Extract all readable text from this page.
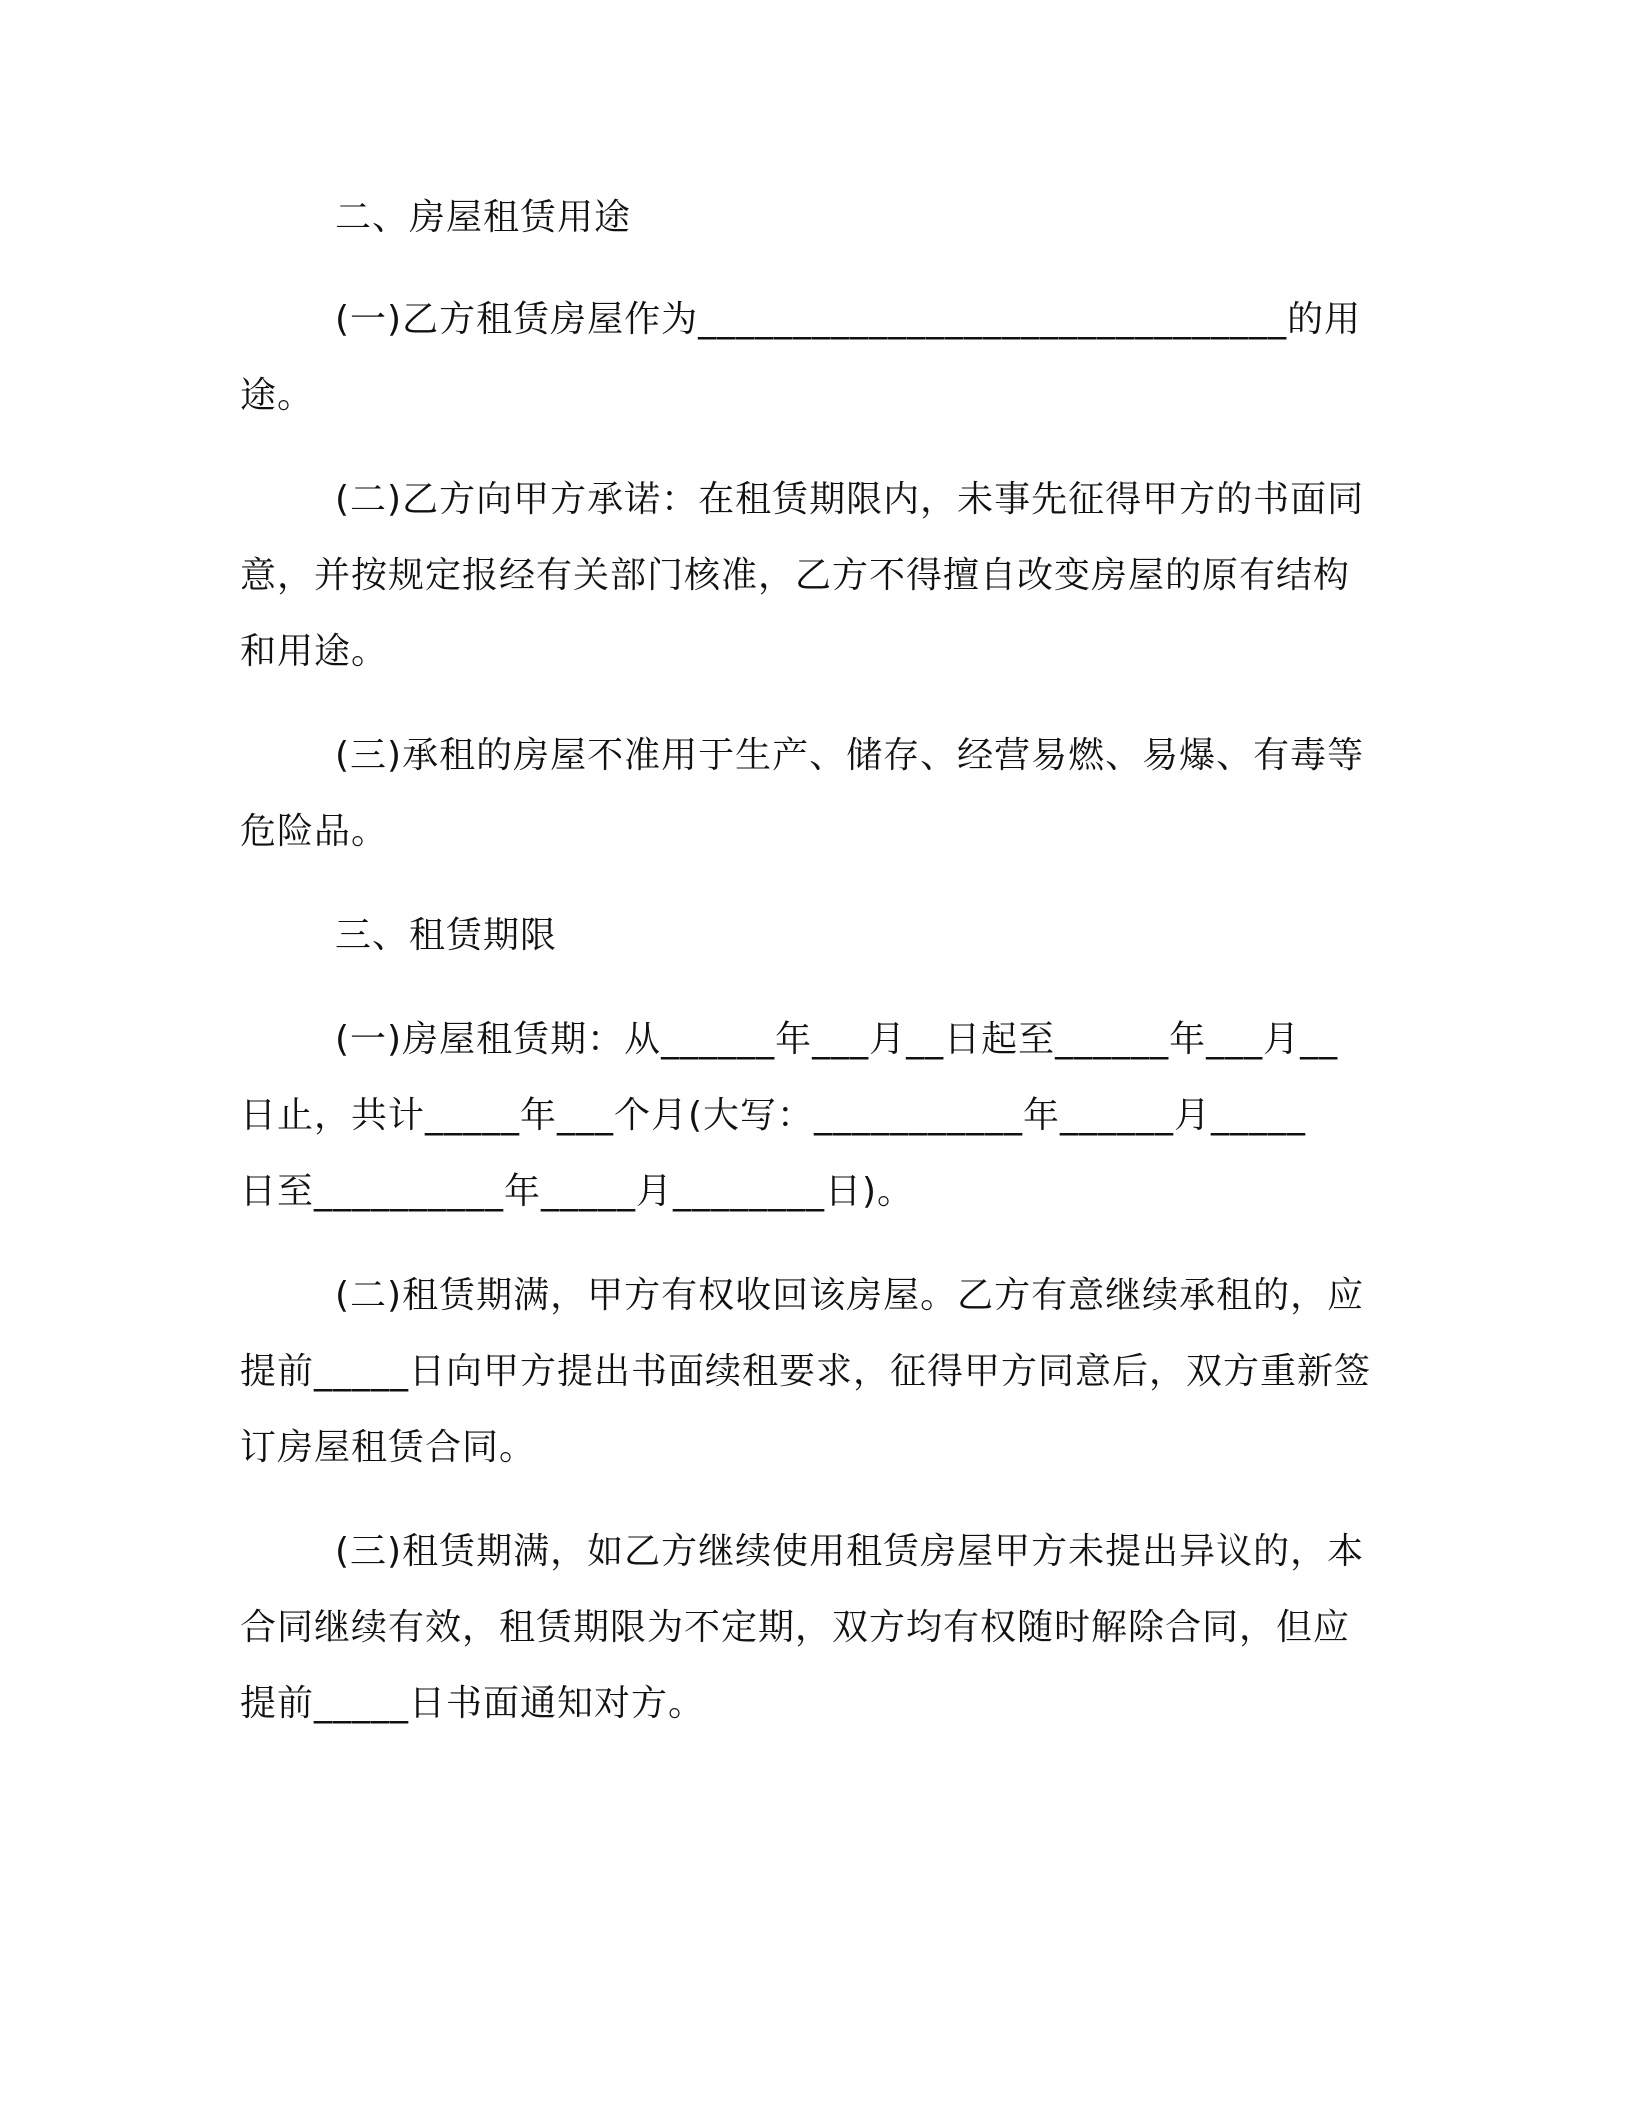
二、房屋租赁用途
(一)乙方租赁房屋作为_______________________________的用
途。
(二)乙方向甲方承诺：在租赁期限内，未事先征得甲方的书面同
意，并按规定报经有关部门核准，乙方不得擅自改变房屋的原有结构
和用途。
(三)承租的房屋不准用于生产、储存、经营易燃、易爆、有毒等
危险品。
三、租赁期限
(一)房屋租赁期：从______年___月__日起至______年___月__
日止，共计_____年___个月(大写：___________年______月_____
日至__________年_____月________日)。
(二)租赁期满，甲方有权收回该房屋。乙方有意继续承租的，应
提前_____日向甲方提出书面续租要求，征得甲方同意后，双方重新签
订房屋租赁合同。
(三)租赁期满，如乙方继续使用租赁房屋甲方未提出异议的，本
合同继续有效，租赁期限为不定期，双方均有权随时解除合同，但应
提前_____日书面通知对方。
